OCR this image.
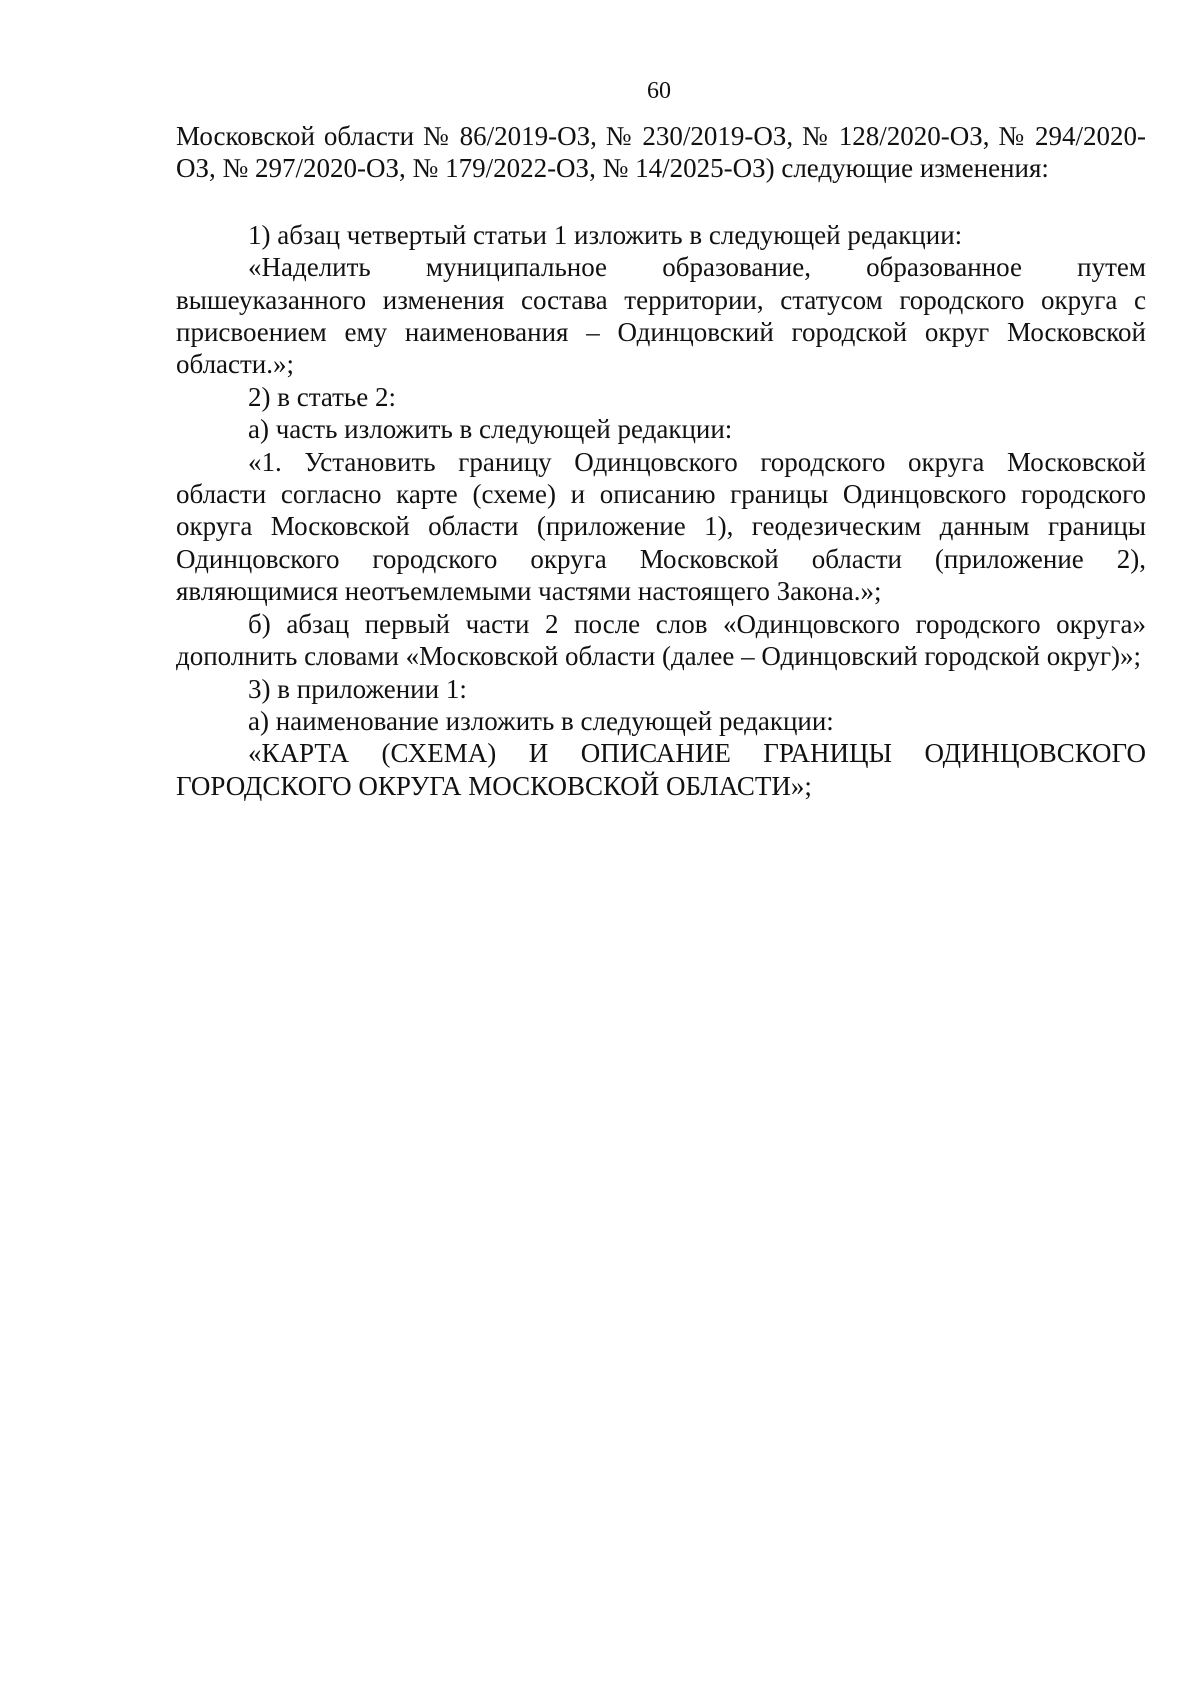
60

Московской области № 86/2019-ОЗ, № 230/2019-ОЗ, № 128/2020-ОЗ, № 294/2020-ОЗ, № 297/2020-ОЗ, № 179/2022-ОЗ, № 14/2025-ОЗ) следующие изменения:

1) абзац четвертый статьи 1 изложить в следующей редакции:

«Наделить муниципальное образование, образованное путем вышеуказанного изменения состава территории, статусом городского округа с присвоением ему наименования – Одинцовский городской округ Московской области.»;

2) в статье 2:

а) часть изложить в следующей редакции:

«1. Установить границу Одинцовского городского округа Московской области согласно карте (схеме) и описанию границы Одинцовского городского округа Московской области (приложение 1), геодезическим данным границы Одинцовского городского округа Московской области (приложение 2), являющимися неотъемлемыми частями настоящего Закона.»;

б) абзац первый части 2 после слов «Одинцовского городского округа» дополнить словами «Московской области (далее – Одинцовский городской округ)»;

3) в приложении 1:

а) наименование изложить в следующей редакции:

«КАРТА (СХЕМА) И ОПИСАНИЕ ГРАНИЦЫ ОДИНЦОВСКОГО ГОРОДСКОГО ОКРУГА МОСКОВСКОЙ ОБЛАСТИ»;
